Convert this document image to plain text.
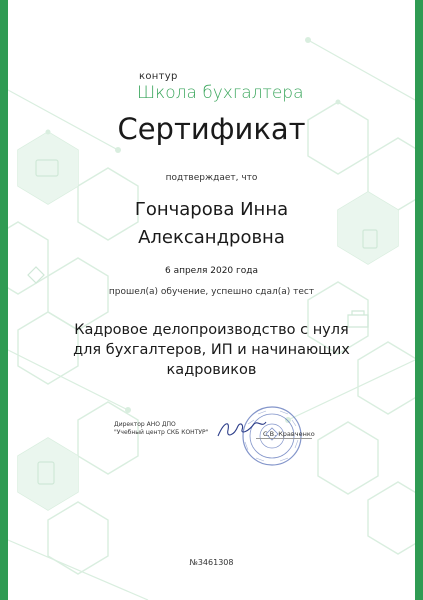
контур
Школа бухгалтера
Сертификат
подтверждает, что
Гончарова Инна
Александровна
6 апреля 2020 года
прошел(а) обучение, успешно сдал(а) тест
Кадровое делопроизводство с нуля
для бухгалтеров, ИП и начинающих
кадровиков
Директор АНО ДПО
"Учебный центр СКБ КОНТУР"	С.В. Кравченко
№3461308
